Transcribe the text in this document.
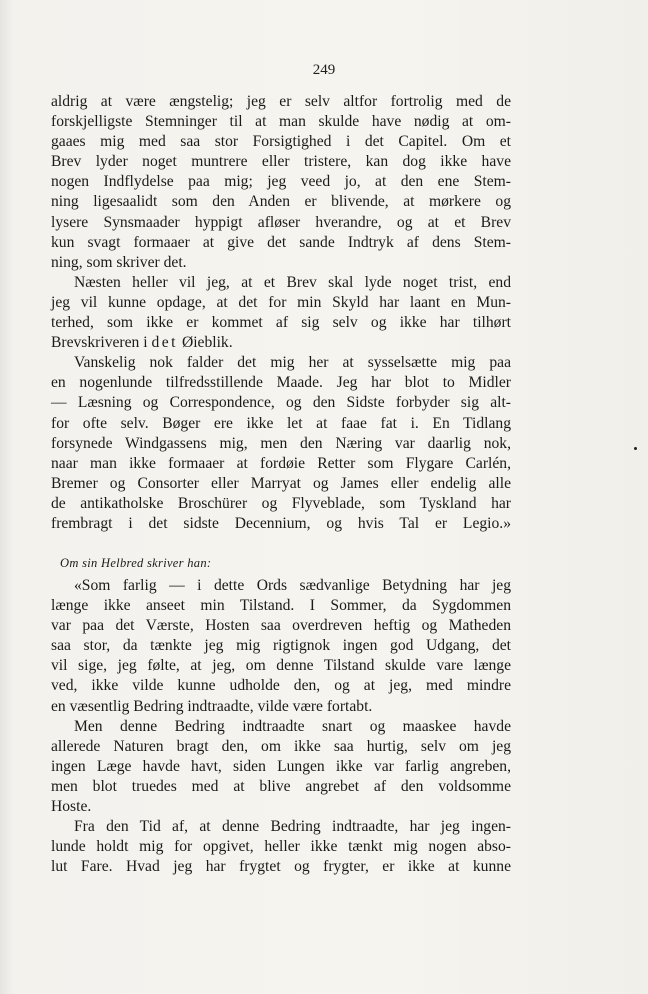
249
aldrig at være ængstelig; jeg er selv altfor fortrolig med de
forskjelligste Stemninger til at man skulde have nødig at om-
gaaes mig med saa stor Forsigtighed i det Capitel. Om et
Brev lyder noget muntrere eller tristere, kan dog ikke have
nogen Indflydelse paa mig; jeg veed jo, at den ene Stem-
ning ligesaalidt som den Anden er blivende, at mørkere og
lysere Synsmaader hyppigt afløser hverandre, og at et Brev
kun svagt formaaer at give det sande Indtryk af dens Stem-
ning, som skriver det.
Næsten heller vil jeg, at et Brev skal lyde noget trist, end
jeg vil kunne opdage, at det for min Skyld har laant en Mun-
terhed, som ikke er kommet af sig selv og ikke har tilhørt
Brevskriveren i det Øieblik.
Vanskelig nok falder det mig her at sysselsætte mig paa
en nogenlunde tilfredsstillende Maade. Jeg har blot to Midler
— Læsning og Correspondence, og den Sidste forbyder sig alt-
for ofte selv. Bøger ere ikke let at faae fat i. En Tidlang
forsynede Windgassens mig, men den Næring var daarlig nok,
naar man ikke formaaer at fordøie Retter som Flygare Carlén,
Bremer og Consorter eller Marryat og James eller endelig alle
de antikatholske Broschürer og Flyveblade, som Tyskland har
frembragt i det sidste Decennium, og hvis Tal er Legio.»
Om sin Helbred skriver han:
«Som farlig — i dette Ords sædvanlige Betydning har jeg
længe ikke anseet min Tilstand. I Sommer, da Sygdommen
var paa det Værste, Hosten saa overdreven heftig og Matheden
saa stor, da tænkte jeg mig rigtignok ingen god Udgang, det
vil sige, jeg følte, at jeg, om denne Tilstand skulde vare længe
ved, ikke vilde kunne udholde den, og at jeg, med mindre
en væsentlig Bedring indtraadte, vilde være fortabt.
Men denne Bedring indtraadte snart og maaskee havde
allerede Naturen bragt den, om ikke saa hurtig, selv om jeg
ingen Læge havde havt, siden Lungen ikke var farlig angreben,
men blot truedes med at blive angrebet af den voldsomme
Hoste.
Fra den Tid af, at denne Bedring indtraadte, har jeg ingen-
lunde holdt mig for opgivet, heller ikke tænkt mig nogen abso-
lut Fare. Hvad jeg har frygtet og frygter, er ikke at kunne
